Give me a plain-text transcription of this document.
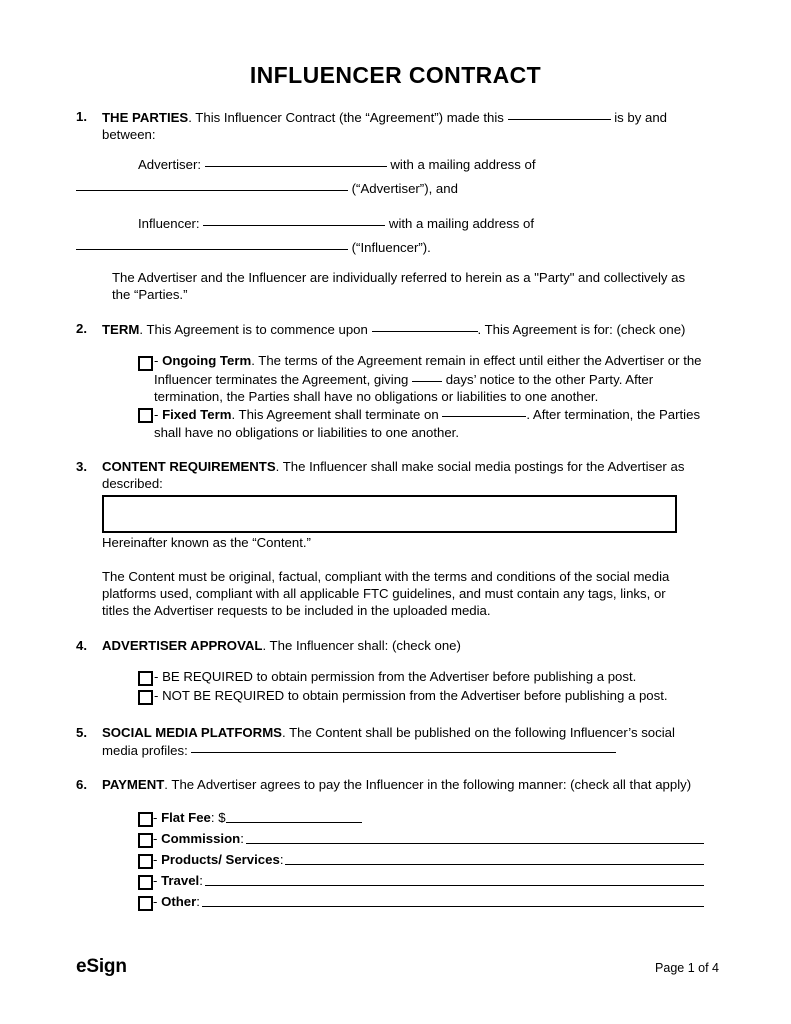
INFLUENCER CONTRACT
1.	THE PARTIES. This Influencer Contract (the “Agreement”) made this	is by and between:
Advertiser:	with a mailing address of
(“Advertiser”), and
Influencer:	with a mailing address of
(“Influencer”).
The Advertiser and the Influencer are individually referred to herein as a "Party" and collectively as the “Parties.”
2.	TERM. This Agreement is to commence upon	. This Agreement is for: (check one)
- Ongoing Term. The terms of the Agreement remain in effect until either the Advertiser or the Influencer terminates the Agreement, giving  days’ notice to the other Party. After termination, the Parties shall have no obligations or liabilities to one another.
- Fixed Term. This Agreement shall terminate on	. After termination, the Parties shall have no obligations or liabilities to one another.
3.	CONTENT REQUIREMENTS. The Influencer shall make social media postings for the Advertiser as described:
Hereinafter known as the “Content.”
The Content must be original, factual, compliant with the terms and conditions of the social media platforms used, compliant with all applicable FTC guidelines, and must contain any tags, links, or titles the Advertiser requests to be included in the uploaded media.
4.	ADVERTISER APPROVAL. The Influencer shall: (check one)
- BE REQUIRED to obtain permission from the Advertiser before publishing a post.
- NOT BE REQUIRED to obtain permission from the Advertiser before publishing a post.
5.	SOCIAL MEDIA PLATFORMS. The Content shall be published on the following Influencer’s social media profiles:
6.	PAYMENT. The Advertiser agrees to pay the Influencer in the following manner: (check all that apply)
- Flat Fee: $
- Commission:
- Products/ Services:
- Travel:
- Other:
eSign	Page 1 of 4
